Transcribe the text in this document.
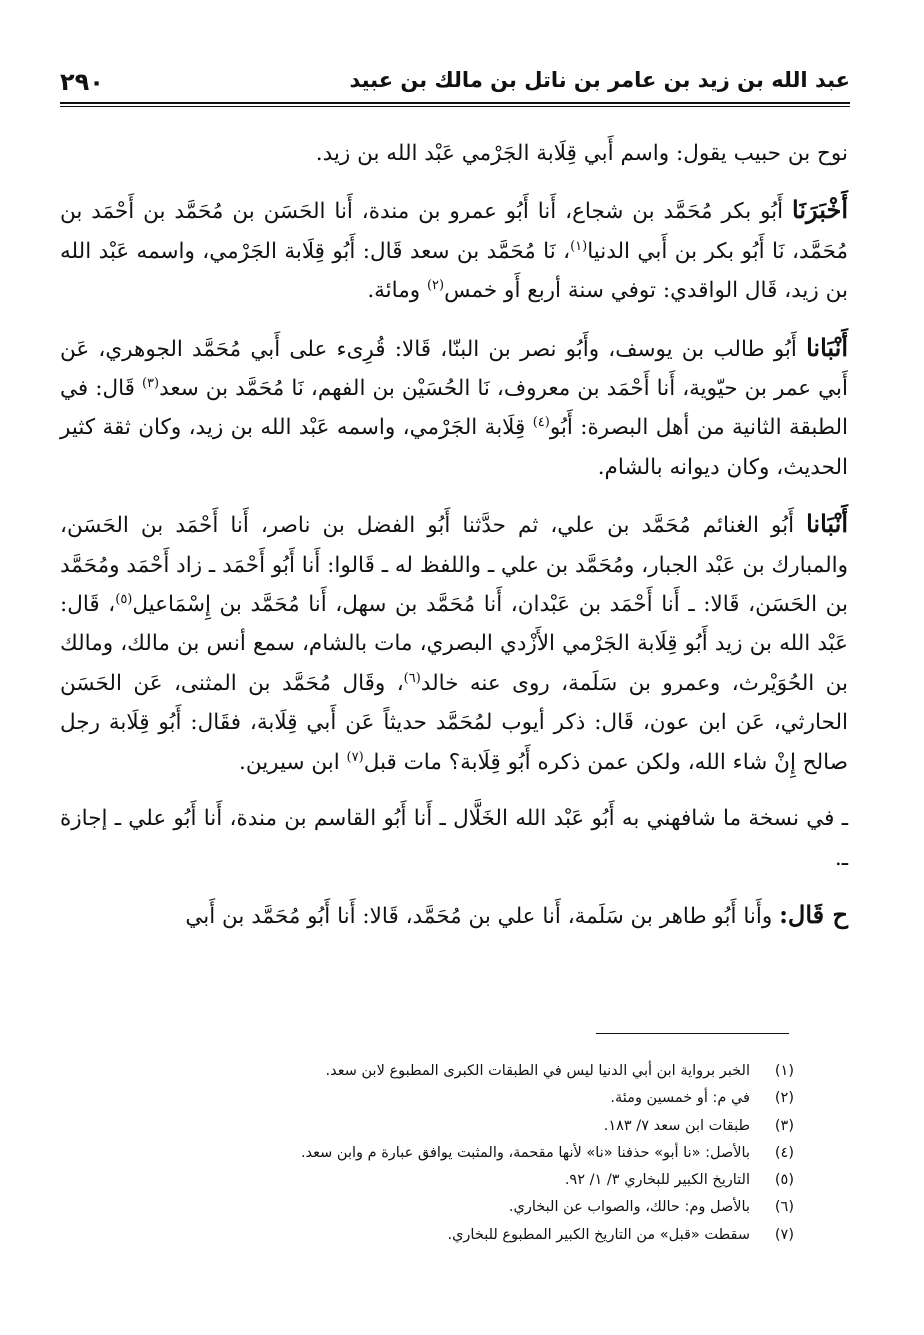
عبد الله بن زيد بن عامر بن ناتل بن مالك بن عبيد
٢٩٠

نوح بن حبيب يقول: واسم أَبي قِلَابة الجَرْمي عَبْد الله بن زيد.

أَخْبَرَنَا أَبُو بكر مُحَمَّد بن شجاع، أَنا أَبُو عمرو بن مندة، أَنا الحَسَن بن مُحَمَّد بن أَحْمَد بن مُحَمَّد، نَا أَبُو بكر بن أَبي الدنيا$^{(١)}$، نَا مُحَمَّد بن سعد قَال: أَبُو قِلَابة الجَرْمي، واسمه عَبْد الله بن زيد، قَال الواقدي: توفي سنة أربع أَو خمس$^{(٢)}$ ومائة.

أَنْبَانا أَبُو طالب بن يوسف، وأَبُو نصر بن البنّا، قَالا: قُرِىء على أَبي مُحَمَّد الجوهري، عَن أَبي عمر بن حيّوية، أَنا أَحْمَد بن معروف، نَا الحُسَيْن بن الفهم، نَا مُحَمَّد بن سعد$^{(٣)}$ قَال: في الطبقة الثانية من أهل البصرة: أَبُو$^{(٤)}$ قِلَابة الجَرْمي، واسمه عَبْد الله بن زيد، وكان ثقة كثير الحديث، وكان ديوانه بالشام.

أَنْبَانا أَبُو الغنائم مُحَمَّد بن علي، ثم حدَّثنا أَبُو الفضل بن ناصر، أَنا أَحْمَد بن الحَسَن، والمبارك بن عَبْد الجبار، ومُحَمَّد بن علي ـ واللفظ له ـ قَالوا: أَنا أَبُو أَحْمَد ـ زاد أَحْمَد ومُحَمَّد بن الحَسَن، قَالا: ـ أَنا أَحْمَد بن عَبْدان، أَنا مُحَمَّد بن سهل، أَنا مُحَمَّد بن إِسْمَاعيل$^{(٥)}$، قَال: عَبْد الله بن زيد أَبُو قِلَابة الجَرْمي الأَزْدي البصري، مات بالشام، سمع أنس بن مالك، ومالك بن الحُوَيْرث، وعمرو بن سَلَمة، روى عنه خالد$^{(٦)}$، وقَال مُحَمَّد بن المثنى، عَن الحَسَن الحارثي، عَن ابن عون، قَال: ذكر أيوب لمُحَمَّد حديثاً عَن أَبي قِلَابة، فقَال: أَبُو قِلَابة رجل صالح إِنْ شاء الله، ولكن عمن ذكره أَبُو قِلَابة؟ مات قبل$^{(٧)}$ ابن سيرين.

ـ في نسخة ما شافهني به أَبُو عَبْد الله الخَلَّال ـ أَنا أَبُو القاسم بن مندة، أَنا أَبُو علي ـ إجازة ـ.

ح قَال: وأَنا أَبُو طاهر بن سَلَمة، أَنا علي بن مُحَمَّد، قَالا: أَنا أَبُو مُحَمَّد بن أَبي

(١)
الخبر برواية ابن أبي الدنيا ليس في الطبقات الكبرى المطبوع لابن سعد.
(٢)
في م: أو خمسين ومئة.
(٣)
طبقات ابن سعد ٧/ ١٨٣.
(٤)
بالأصل: «نا أبو» حذفنا «نا» لأنها مقحمة، والمثبت يوافق عبارة م وابن سعد.
(٥)
التاريخ الكبير للبخاري ٣/ ١/ ٩٢.
(٦)
بالأصل وم: حالك، والصواب عن البخاري.
(٧)
سقطت «قبل» من التاريخ الكبير المطبوع للبخاري.
